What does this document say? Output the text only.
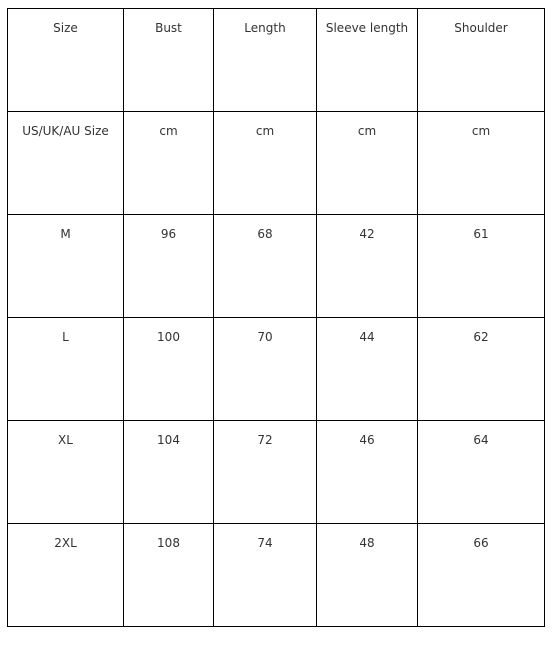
Size	Bust	Length	Sleeve length	Shoulder
US/UK/AU Size	cm	cm	cm	cm
M	96	68	42	61
L	100	70	44	62
XL	104	72	46	64
2XL	108	74	48	66
